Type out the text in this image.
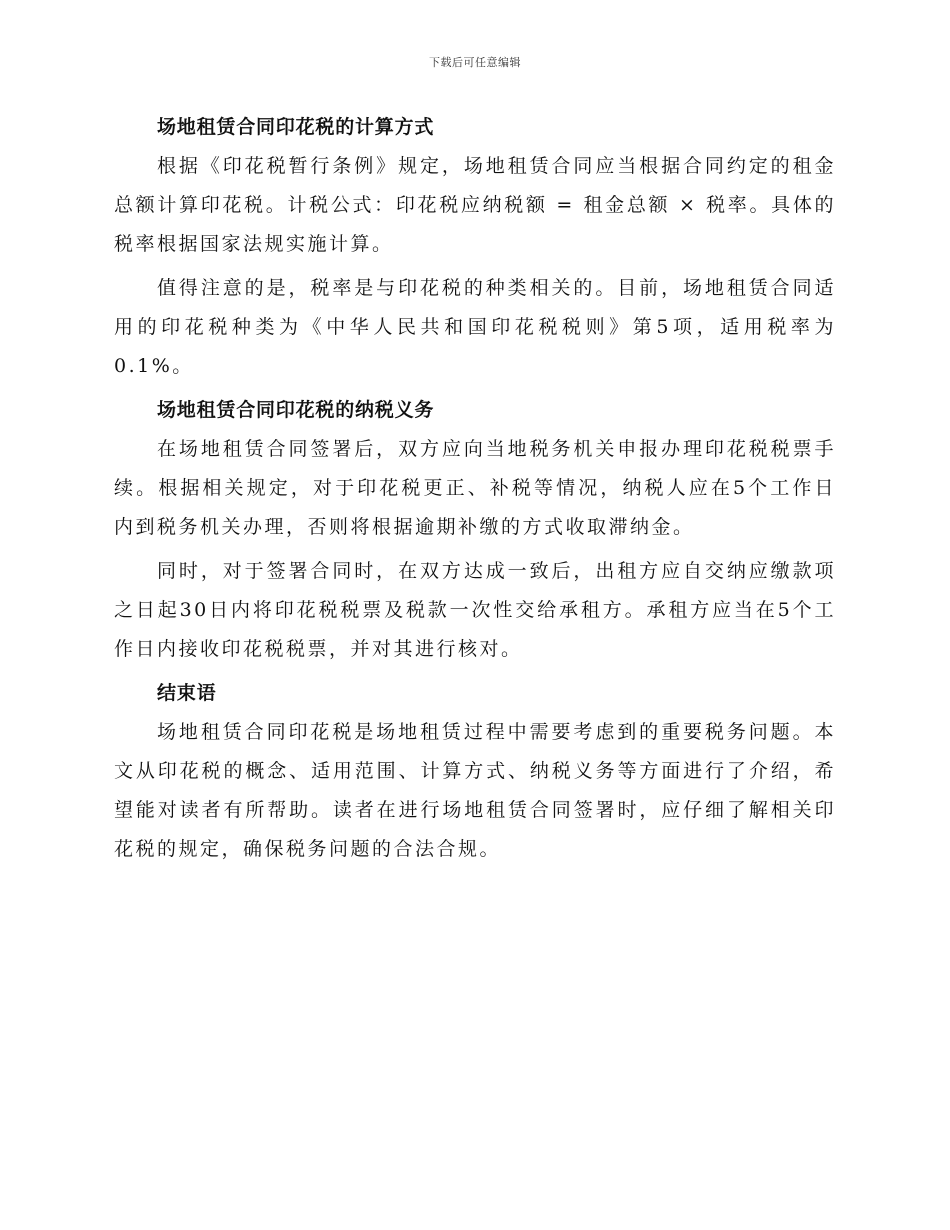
下载后可任意编辑
场地租赁合同印花税的计算方式

根据《印花税暂行条例》规定，场地租赁合同应当根据合同约定的租金总额计算印花税。计税公式：印花税应纳税额 = 租金总额 × 税率。具体的税率根据国家法规实施计算。

值得注意的是，税率是与印花税的种类相关的。目前，场地租赁合同适用的印花税种类为《中华人民共和国印花税税则》第5项，适用税率为0.1%。

场地租赁合同印花税的纳税义务

在场地租赁合同签署后，双方应向当地税务机关申报办理印花税税票手续。根据相关规定，对于印花税更正、补税等情况，纳税人应在5个工作日内到税务机关办理，否则将根据逾期补缴的方式收取滞纳金。

同时，对于签署合同时，在双方达成一致后，出租方应自交纳应缴款项之日起30日内将印花税税票及税款一次性交给承租方。承租方应当在5个工作日内接收印花税税票，并对其进行核对。

结束语

场地租赁合同印花税是场地租赁过程中需要考虑到的重要税务问题。本文从印花税的概念、适用范围、计算方式、纳税义务等方面进行了介绍，希望能对读者有所帮助。读者在进行场地租赁合同签署时，应仔细了解相关印花税的规定，确保税务问题的合法合规。
